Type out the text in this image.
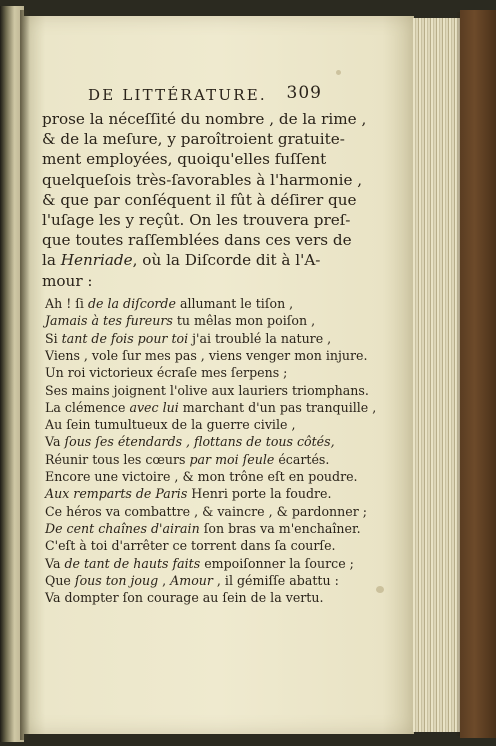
DE LITTÉRATURE. 309
prose la néceſſité du nombre , de la rime ,
& de la meſure, y paroîtroient gratuite-
ment employées, quoiqu'elles fuſſent
quelqueſois très-ſavorables à l'harmonie ,
& que par conſéquent il fût à déſirer que
l'uſage les y reçût. On les trouvera preſ-
que toutes raſſemblées dans ces vers de
la Henriade, où la Diſcorde dit à l'A-
mour :
Ah ! ſi de la diſcorde allumant le tiſon ,
Jamais à tes fureurs tu mêlas mon poiſon ,
Si tant de fois pour toi j'ai troublé la nature ,
Viens , vole ſur mes pas , viens venger mon injure.
Un roi victorieux écraſe mes ſerpens ;
Ses mains joignent l'olive aux lauriers triomphans.
La clémence avec lui marchant d'un pas tranquille ,
Au ſein tumultueux de la guerre civile ,
Va ſous ſes étendards , flottans de tous côtés,
Réunir tous les cœurs par moi ſeule écartés.
Encore une victoire , & mon trône eſt en poudre.
Aux remparts de Paris Henri porte la foudre.
Ce héros va combattre , & vaincre , & pardonner ;
De cent chaînes d'airain ſon bras va m'enchaîner.
C'eſt à toi d'arrêter ce torrent dans ſa courſe.
Va de tant de hauts faits empoiſonner la ſource ;
Que ſous ton joug , Amour , il gémiſſe abattu :
Va dompter ſon courage au ſein de la vertu.
